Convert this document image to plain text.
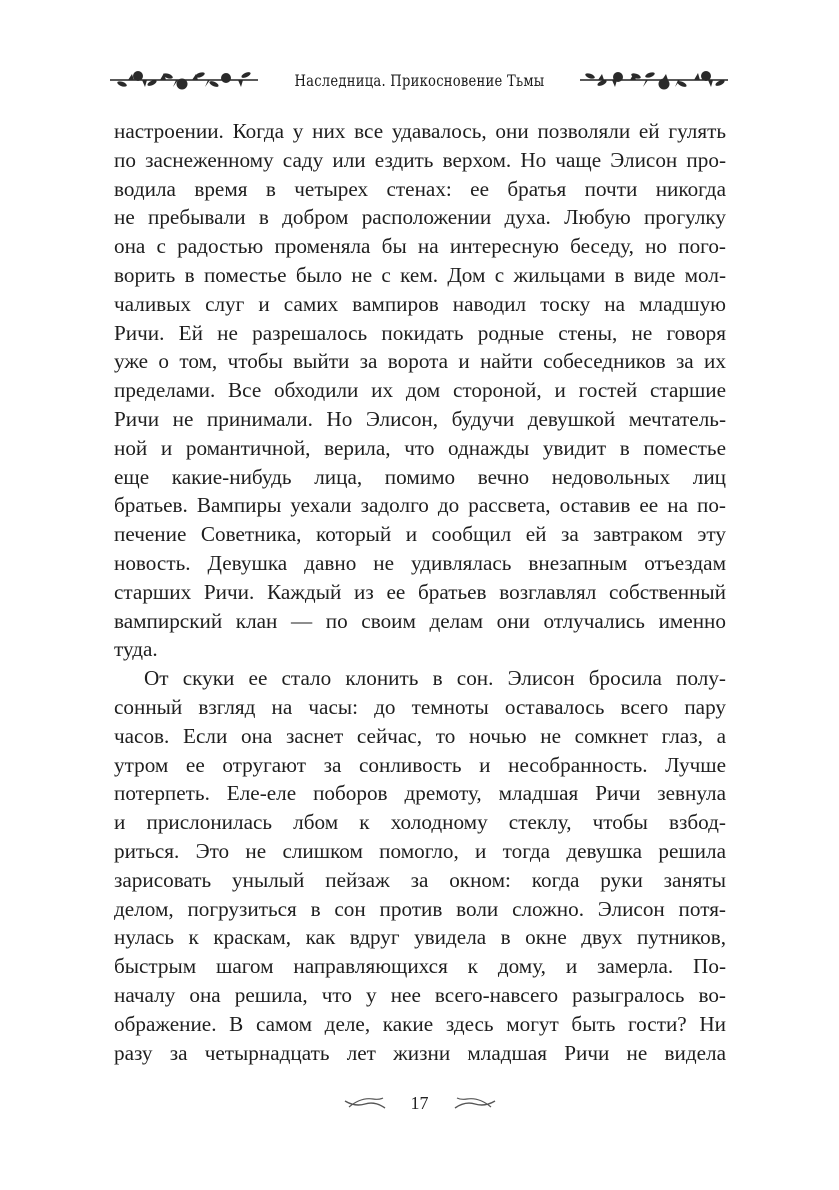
Наследница. Прикосновение Тьмы
настроении. Когда у них все удавалось, они позволяли ей гулять
по заснеженному саду или ездить верхом. Но чаще Элисон про-
водила время в четырех стенах: ее братья почти никогда
не пребывали в добром расположении духа. Любую прогулку
она с радостью променяла бы на интересную беседу, но пого-
ворить в поместье было не с кем. Дом с жильцами в виде мол-
чаливых слуг и самих вампиров наводил тоску на младшую
Ричи. Ей не разрешалось покидать родные стены, не говоря
уже о том, чтобы выйти за ворота и найти собеседников за их
пределами. Все обходили их дом стороной, и гостей старшие
Ричи не принимали. Но Элисон, будучи девушкой мечтатель-
ной и романтичной, верила, что однажды увидит в поместье
еще какие-нибудь лица, помимо вечно недовольных лиц
братьев. Вампиры уехали задолго до рассвета, оставив ее на по-
печение Советника, который и сообщил ей за завтраком эту
новость. Девушка давно не удивлялась внезапным отъездам
старших Ричи. Каждый из ее братьев возглавлял собственный
вампирский клан — по своим делам они отлучались именно
туда.
От скуки ее стало клонить в сон. Элисон бросила полу-
сонный взгляд на часы: до темноты оставалось всего пару
часов. Если она заснет сейчас, то ночью не сомкнет глаз, а
утром ее отругают за сонливость и несобранность. Лучше
потерпеть. Еле-еле поборов дремоту, младшая Ричи зевнула
и прислонилась лбом к холодному стеклу, чтобы взбод-
риться. Это не слишком помогло, и тогда девушка решила
зарисовать унылый пейзаж за окном: когда руки заняты
делом, погрузиться в сон против воли сложно. Элисон потя-
нулась к краскам, как вдруг увидела в окне двух путников,
быстрым шагом направляющихся к дому, и замерла. По-
началу она решила, что у нее всего-навсего разыгралось во-
ображение. В самом деле, какие здесь могут быть гости? Ни
разу за четырнадцать лет жизни младшая Ричи не видела
17
